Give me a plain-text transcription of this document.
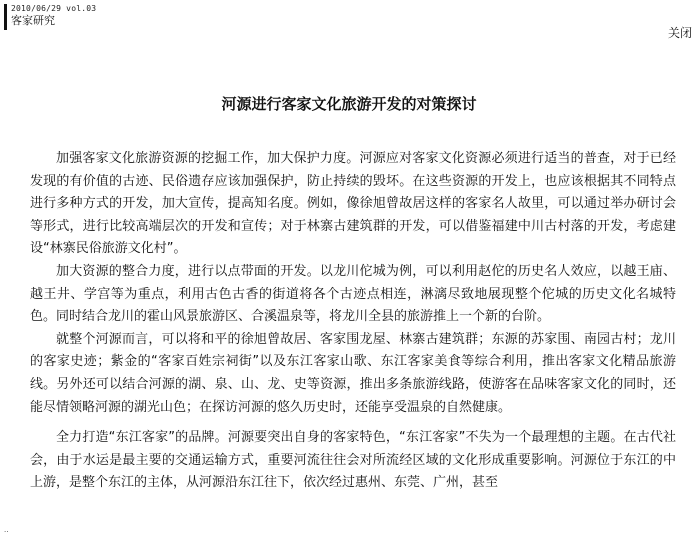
2010/06/29 vol.03
客家研究
关闭
河源进行客家文化旅游开发的对策探讨

加强客家文化旅游资源的挖掘工作，加大保护力度。河源应对客家文化资源必须进行适当的普查，对于已经发现的有价值的古迹、民俗遗存应该加强保护，防止持续的毁坏。在这些资源的开发上，也应该根据其不同特点进行多种方式的开发，加大宣传，提高知名度。例如，像徐旭曾故居这样的客家名人故里，可以通过举办研讨会等形式，进行比较高端层次的开发和宣传；对于林寨古建筑群的开发，可以借鉴福建中川古村落的开发，考虑建设“林寨民俗旅游文化村”。

加大资源的整合力度，进行以点带面的开发。以龙川佗城为例，可以利用赵佗的历史名人效应，以越王庙、越王井、学宫等为重点，利用古色古香的街道将各个古迹点相连，淋漓尽致地展现整个佗城的历史文化名城特色。同时结合龙川的霍山风景旅游区、合溪温泉等，将龙川全县的旅游推上一个新的台阶。

就整个河源而言，可以将和平的徐旭曾故居、客家围龙屋、林寨古建筑群；东源的苏家围、南园古村；龙川的客家史迹；紫金的“客家百姓宗祠街”以及东江客家山歌、东江客家美食等综合利用，推出客家文化精品旅游线。另外还可以结合河源的湖、泉、山、龙、史等资源，推出多条旅游线路，使游客在品味客家文化的同时，还能尽情领略河源的湖光山色；在探访河源的悠久历史时，还能享受温泉的自然健康。

全力打造“东江客家”的品牌。河源要突出自身的客家特色，“东江客家”不失为一个最理想的主题。在古代社会，由于水运是最主要的交通运输方式，重要河流往往会对所流经区域的文化形成重要影响。河源位于东江的中上游，是整个东江的主体，从河源沿东江往下，依次经过惠州、东莞、广州，甚至

··
